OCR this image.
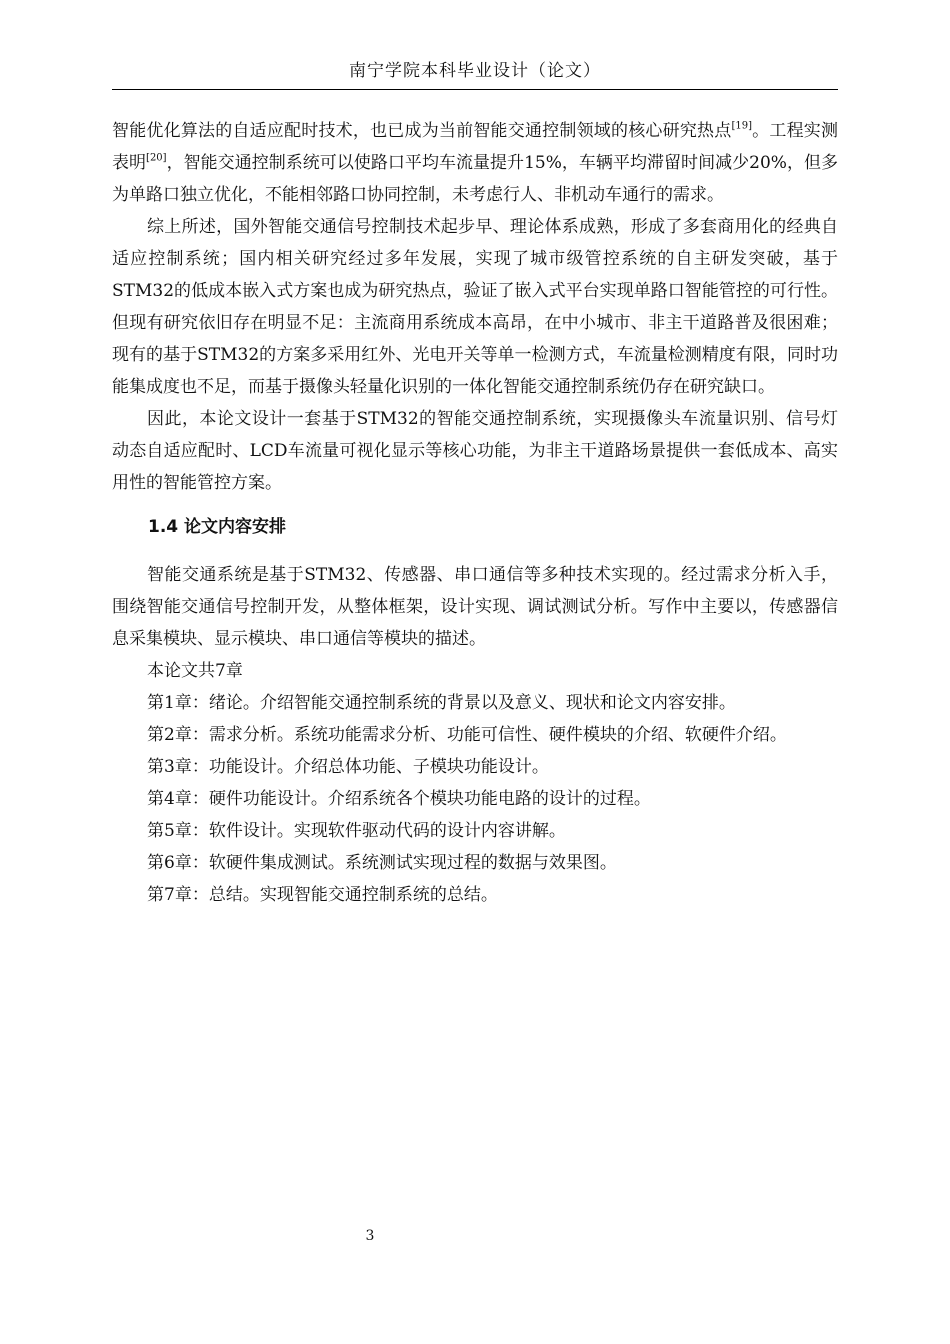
南宁学院本科毕业设计（论文）

智能优化算法的自适应配时技术，也已成为当前智能交通控制领域的核心研究热点[19]。工程实测表明[20]，智能交通控制系统可以使路口平均车流量提升15%，车辆平均滞留时间减少20%，但多为单路口独立优化，不能相邻路口协同控制，未考虑行人、非机动车通行的需求。

综上所述，国外智能交通信号控制技术起步早、理论体系成熟，形成了多套商用化的经典自适应控制系统；国内相关研究经过多年发展，实现了城市级管控系统的自主研发突破，基于STM32的低成本嵌入式方案也成为研究热点，验证了嵌入式平台实现单路口智能管控的可行性。但现有研究依旧存在明显不足：主流商用系统成本高昂，在中小城市、非主干道路普及很困难；现有的基于STM32的方案多采用红外、光电开关等单一检测方式，车流量检测精度有限，同时功能集成度也不足，而基于摄像头轻量化识别的一体化智能交通控制系统仍存在研究缺口。

因此，本论文设计一套基于STM32的智能交通控制系统，实现摄像头车流量识别、信号灯动态自适应配时、LCD车流量可视化显示等核心功能，为非主干道路场景提供一套低成本、高实用性的智能管控方案。

1.4 论文内容安排

智能交通系统是基于STM32、传感器、串口通信等多种技术实现的。经过需求分析入手，围绕智能交通信号控制开发，从整体框架，设计实现、调试测试分析。写作中主要以，传感器信息采集模块、显示模块、串口通信等模块的描述。

本论文共7章

第1章：绪论。介绍智能交通控制系统的背景以及意义、现状和论文内容安排。

第2章：需求分析。系统功能需求分析、功能可信性、硬件模块的介绍、软硬件介绍。

第3章：功能设计。介绍总体功能、子模块功能设计。

第4章：硬件功能设计。介绍系统各个模块功能电路的设计的过程。

第5章：软件设计。实现软件驱动代码的设计内容讲解。

第6章：软硬件集成测试。系统测试实现过程的数据与效果图。

第7章：总结。实现智能交通控制系统的总结。

3
